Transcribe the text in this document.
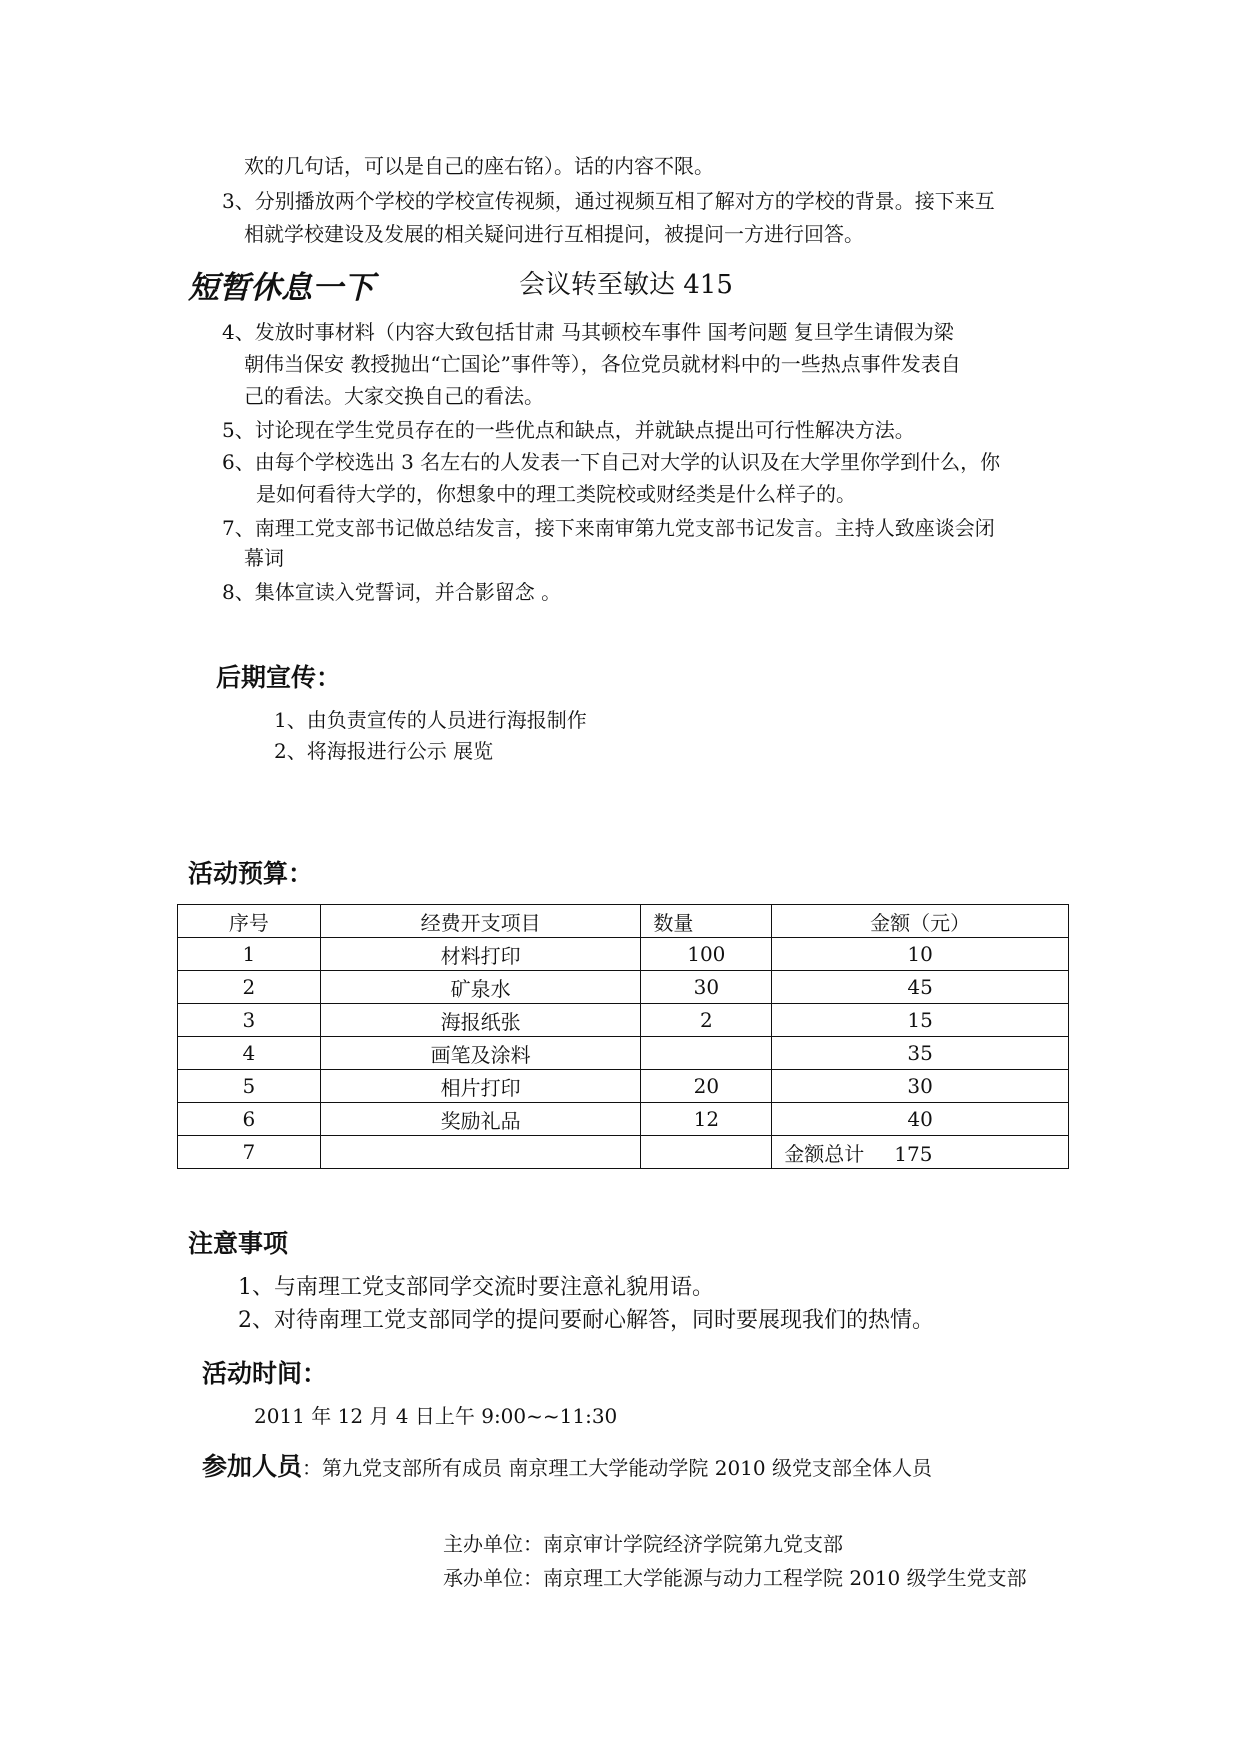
欢的几句话，可以是自己的座右铭）。话的内容不限。
3、分别播放两个学校的学校宣传视频，通过视频互相了解对方的学校的背景。接下来互
相就学校建设及发展的相关疑问进行互相提问，被提问一方进行回答。
短暂休息一下	会议转至敏达 415
4、发放时事材料（内容大致包括甘肃 马其顿校车事件 国考问题 复旦学生请假为梁
朝伟当保安 教授抛出“亡国论”事件等），各位党员就材料中的一些热点事件发表自
己的看法。大家交换自己的看法。
5、讨论现在学生党员存在的一些优点和缺点，并就缺点提出可行性解决方法。
6、由每个学校选出 3 名左右的人发表一下自己对大学的认识及在大学里你学到什么，你
是如何看待大学的，你想象中的理工类院校或财经类是什么样子的。
7、南理工党支部书记做总结发言，接下来南审第九党支部书记发言。主持人致座谈会闭
幕词
8、集体宣读入党誓词，并合影留念 。
后期宣传：
1、由负责宣传的人员进行海报制作
2、将海报进行公示 展览
活动预算：
序号	经费开支项目	数量	金额（元）
1	材料打印	100	10
2	矿泉水	30	45
3	海报纸张	2	15
4	画笔及涂料		35
5	相片打印	20	30
6	奖励礼品	12	40
7			金额总计 175
注意事项
1、与南理工党支部同学交流时要注意礼貌用语。
2、对待南理工党支部同学的提问要耐心解答，同时要展现我们的热情。
活动时间：
2011 年 12 月 4 日上午 9:00~~11:30
参加人员：第九党支部所有成员 南京理工大学能动学院 2010 级党支部全体人员
主办单位：南京审计学院经济学院第九党支部
承办单位：南京理工大学能源与动力工程学院 2010 级学生党支部
